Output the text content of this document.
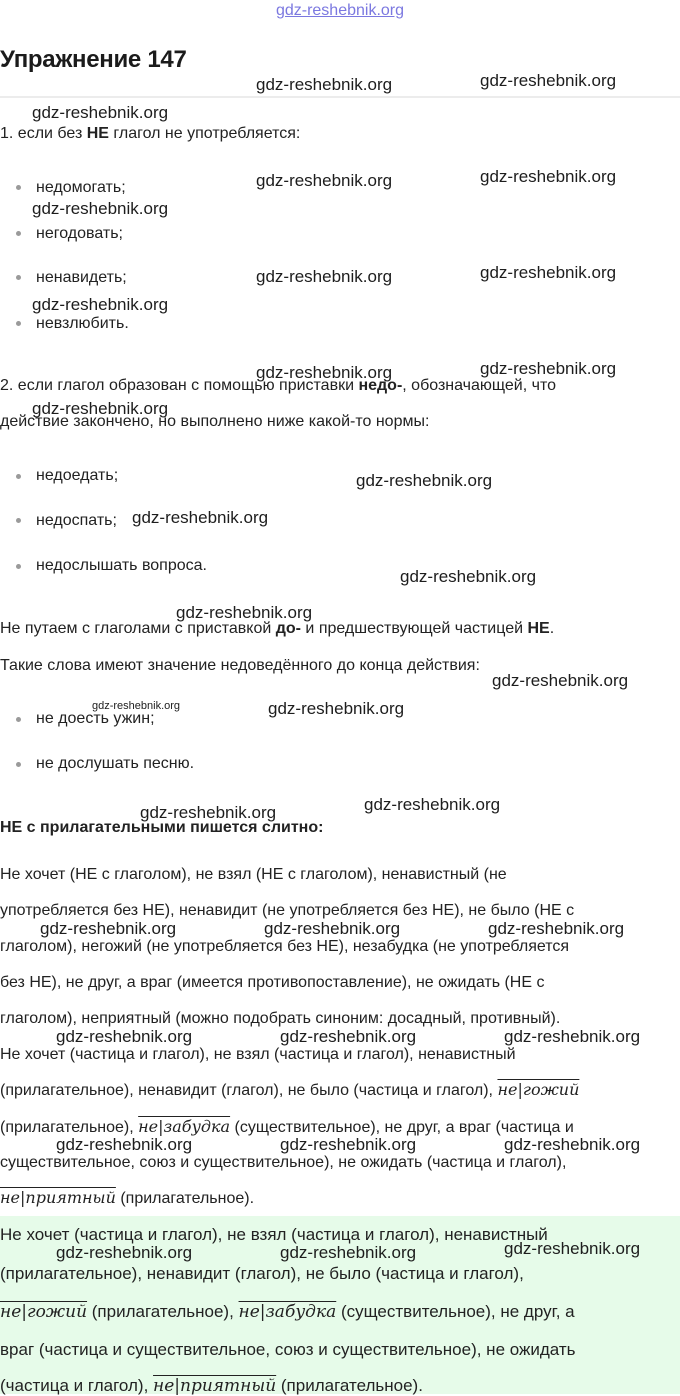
gdz-reshebnik.org
Упражнение 147
gdz-reshebnik.org	gdz-reshebnik.org
gdz-reshebnik.org
gdz-reshebnik.org	gdz-reshebnik.org
gdz-reshebnik.org
gdz-reshebnik.org	gdz-reshebnik.org
gdz-reshebnik.org
gdz-reshebnik.org	gdz-reshebnik.org
gdz-reshebnik.org
gdz-reshebnik.org
gdz-reshebnik.org
gdz-reshebnik.org
gdz-reshebnik.org
gdz-reshebnik.org
gdz-reshebnik.org	gdz-reshebnik.org
gdz-reshebnik.org	gdz-reshebnik.org
gdz-reshebnik.org	gdz-reshebnik.org	gdz-reshebnik.org
gdz-reshebnik.org	gdz-reshebnik.org	gdz-reshebnik.org
gdz-reshebnik.org	gdz-reshebnik.org	gdz-reshebnik.org
1. если без НЕ глагол не употребляется:
недомогать;
негодовать;
ненавидеть;
невзлюбить.
2. если глагол образован с помощью приставки недо-, обозначающей, что
действие закончено, но выполнено ниже какой-то нормы:
недоедать;
недоспать;
недослышать вопроса.
Не путаем с глаголами с приставкой до- и предшествующей частицей НЕ.
Такие слова имеют значение недоведённого до конца действия:
не доесть ужин;
не дослушать песню.
НЕ с прилагательными пишется слитно:
Не хочет (НЕ с глаголом), не взял (НЕ с глаголом), ненавистный (не
употребляется без НЕ), ненавидит (не употребляется без НЕ), не было (НЕ с
глаголом), негожий (не употребляется без НЕ), незабудка (не употребляется
без НЕ), не друг, а враг (имеется противопоставление), не ожидать (НЕ с
глаголом), неприятный (можно подобрать синоним: досадный, противный).
Не хочет (частица и глагол), не взял (частица и глагол), ненавистный
(прилагательное), ненавидит (глагол), не было (частица и глагол), не|гожий
(прилагательное), не|забудка (существительное), не друг, а враг (частица и
существительное, союз и существительное), не ожидать (частица и глагол),
не|приятный (прилагательное).
Не хочет (частица и глагол), не взял (частица и глагол), ненавистный
(прилагательное), ненавидит (глагол), не было (частица и глагол),
не|гожий (прилагательное), не|забудка (существительное), не друг, а
враг (частица и существительное, союз и существительное), не ожидать
(частица и глагол), не|приятный (прилагательное).
gdz-reshebnik.org	gdz-reshebnik.org	gdz-reshebnik.org
